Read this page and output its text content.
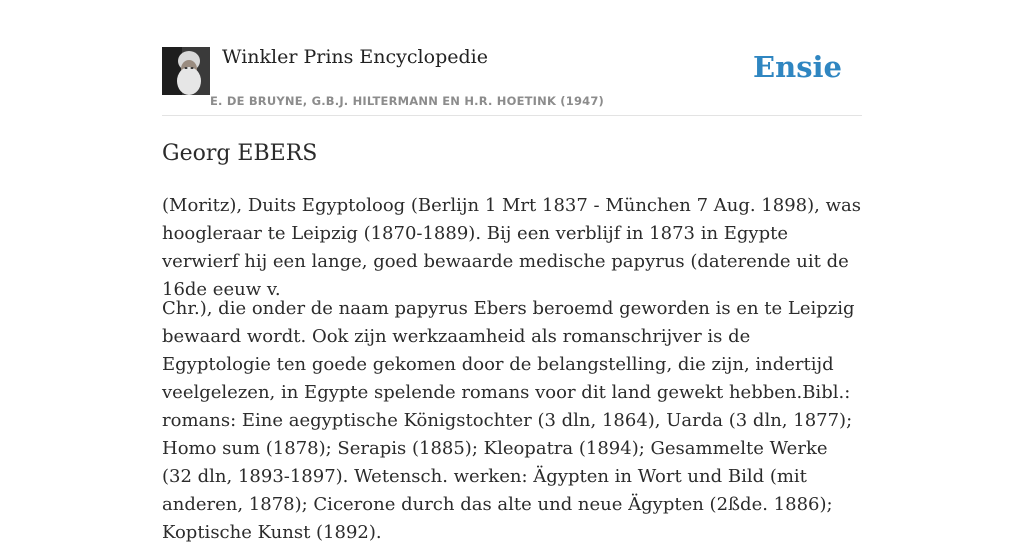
Winkler Prins Encyclopedie
E. DE BRUYNE, G.B.J. HILTERMANN EN H.R. HOETINK (1947)
Ensie
Georg EBERS

(Moritz), Duits Egyptoloog (Berlijn 1 Mrt 1837 - München 7 Aug. 1898), was hoogleraar te Leipzig (1870-1889). Bij een verblijf in 1873 in Egypte verwierf hij een lange, goed bewaarde medische papyrus (daterende uit de 16de eeuw v.

Chr.), die onder de naam papyrus Ebers beroemd geworden is en te Leipzig bewaard wordt. Ook zijn werkzaamheid als romanschrijver is de Egyptologie ten goede gekomen door de belangstelling, die zijn, indertijd veelgelezen, in Egypte spelende romans voor dit land gewekt hebben.Bibl.: romans: Eine aegyptische Königstochter (3 dln, 1864), Uarda (3 dln, 1877); Homo sum (1878); Serapis (1885); Kleopatra (1894); Gesammelte Werke (32 dln, 1893-1897). Wetensch. werken: Ägypten in Wort und Bild (mit anderen, 1878); Cicerone durch das alte und neue Ägypten (2ßde. 1886); Koptische Kunst (1892).
